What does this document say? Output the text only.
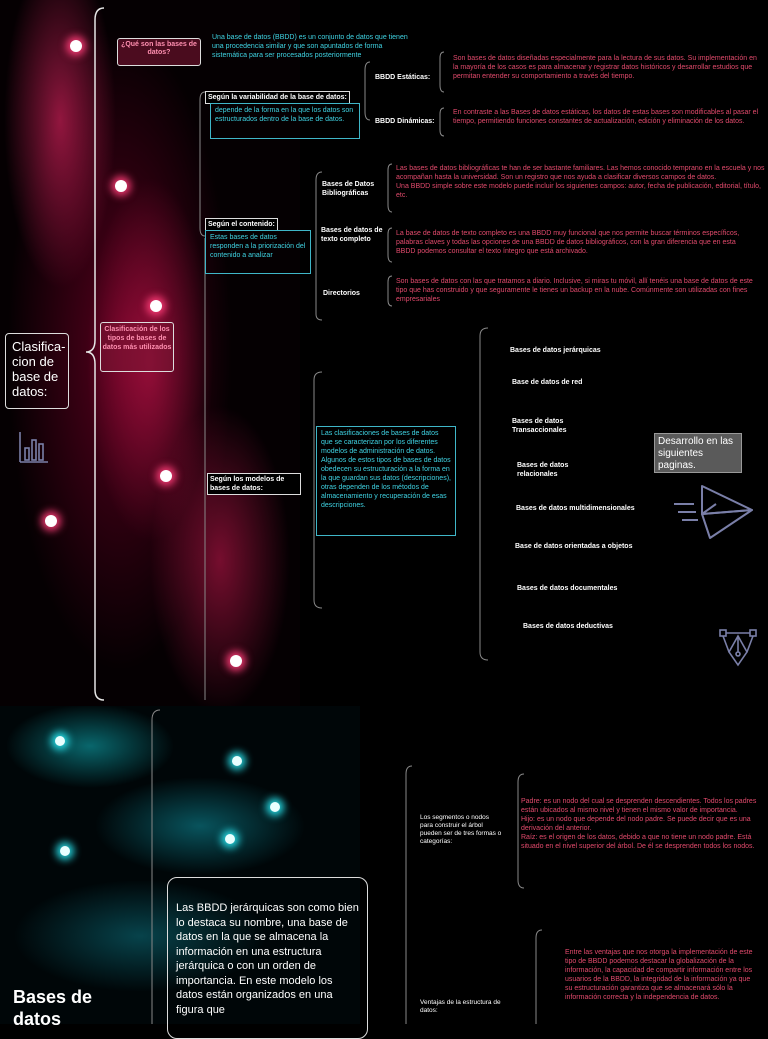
Clasifica-
cion de
base de
datos:
¿Qué son las bases de datos?
Una base de datos (BBDD) es un conjunto de datos que tienen una procedencia similar y que son apuntados de forma sistemática para ser procesados posteriormente
Clasificación de los tipos de bases de datos más utilizados
Según la variabilidad de la base de datos:
depende de la forma en la que los datos son estructurados dentro de la base de datos.
BBDD Estáticas:
Son bases de datos diseñadas especialmente para la lectura de sus datos. Su implementación en la mayoría de los casos es para almacenar y registrar datos históricos y desarrollar estudios que permitan entender su comportamiento a través del tiempo.
BBDD Dinámicas:
En contraste a las Bases de datos estáticas, los datos de estas bases son modificables al pasar el tiempo, permitiendo funciones constantes de actualización, edición y eliminación de los datos.
Según el contenido:
Estas bases de datos responden a la priorización del contenido a analizar
Bases de Datos Bibliográficas
Las bases de datos bibliográficas te han de ser bastante familiares. Las hemos conocido temprano en la escuela y nos acompañan hasta la universidad. Son un registro que nos ayuda a clasificar diversos campos de datos.
Una BBDD simple sobre este modelo puede incluir los siguientes campos: autor, fecha de publicación, editorial, título, etc.
Bases de datos de texto completo
La base de datos de texto completo es una BBDD muy funcional que nos permite buscar términos específicos, palabras claves y todas las opciones de una BBDD de datos bibliográficos, con la gran diferencia que en esta BBDD podemos consultar el texto íntegro que está archivado.
Directorios
Son bases de datos con las que tratamos a diario. Inclusive, si miras tu móvil, allí tenéis una base de datos de este tipo que has construido y que seguramente le tienes un backup en la nube. Comúnmente son utilizadas con fines empresariales
Según los modelos de bases de datos:
Las clasificaciones de bases de datos que se caracterizan por los diferentes modelos de administración de datos. Algunos de estos tipos de bases de datos obedecen su estructuración a la forma en la que guardan sus datos (descripciones), otras dependen de los métodos de almacenamiento y recuperación de esas descripciones.
Bases de datos jerárquicas
Base de datos de red
Bases de datos Transaccionales
Bases de datos relacionales
Bases de datos multidimensionales
Base de datos orientadas a objetos
Bases de datos documentales
Bases de datos deductivas
Desarrollo en las siguientes paginas.
Bases de datos
Las BBDD jerárquicas son como bien lo destaca su nombre, una base de datos en la que se almacena la información en una estructura jerárquica o con un orden de importancia. En este modelo los datos están organizados en una figura que
Los segmentos o nodos para construir el árbol pueden ser de tres formas o categorías:
Padre: es un nodo del cual se desprenden descendientes. Todos los padres están ubicados al mismo nivel y tienen el mismo valor de importancia.
Hijo: es un nodo que depende del nodo padre. Se puede decir que es una derivación del anterior.
Raíz: es el origen de los datos, debido a que no tiene un nodo padre. Está situado en el nivel superior del árbol. De él se desprenden todos los nodos.
Ventajas de la estructura de datos:
Entre las ventajas que nos otorga la implementación de este tipo de BBDD podemos destacar la globalización de la información, la capacidad de compartir información entre los usuarios de la BBDD, la integridad de la información ya que su estructuración garantiza que se almacenará sólo la información correcta y la independencia de datos.
